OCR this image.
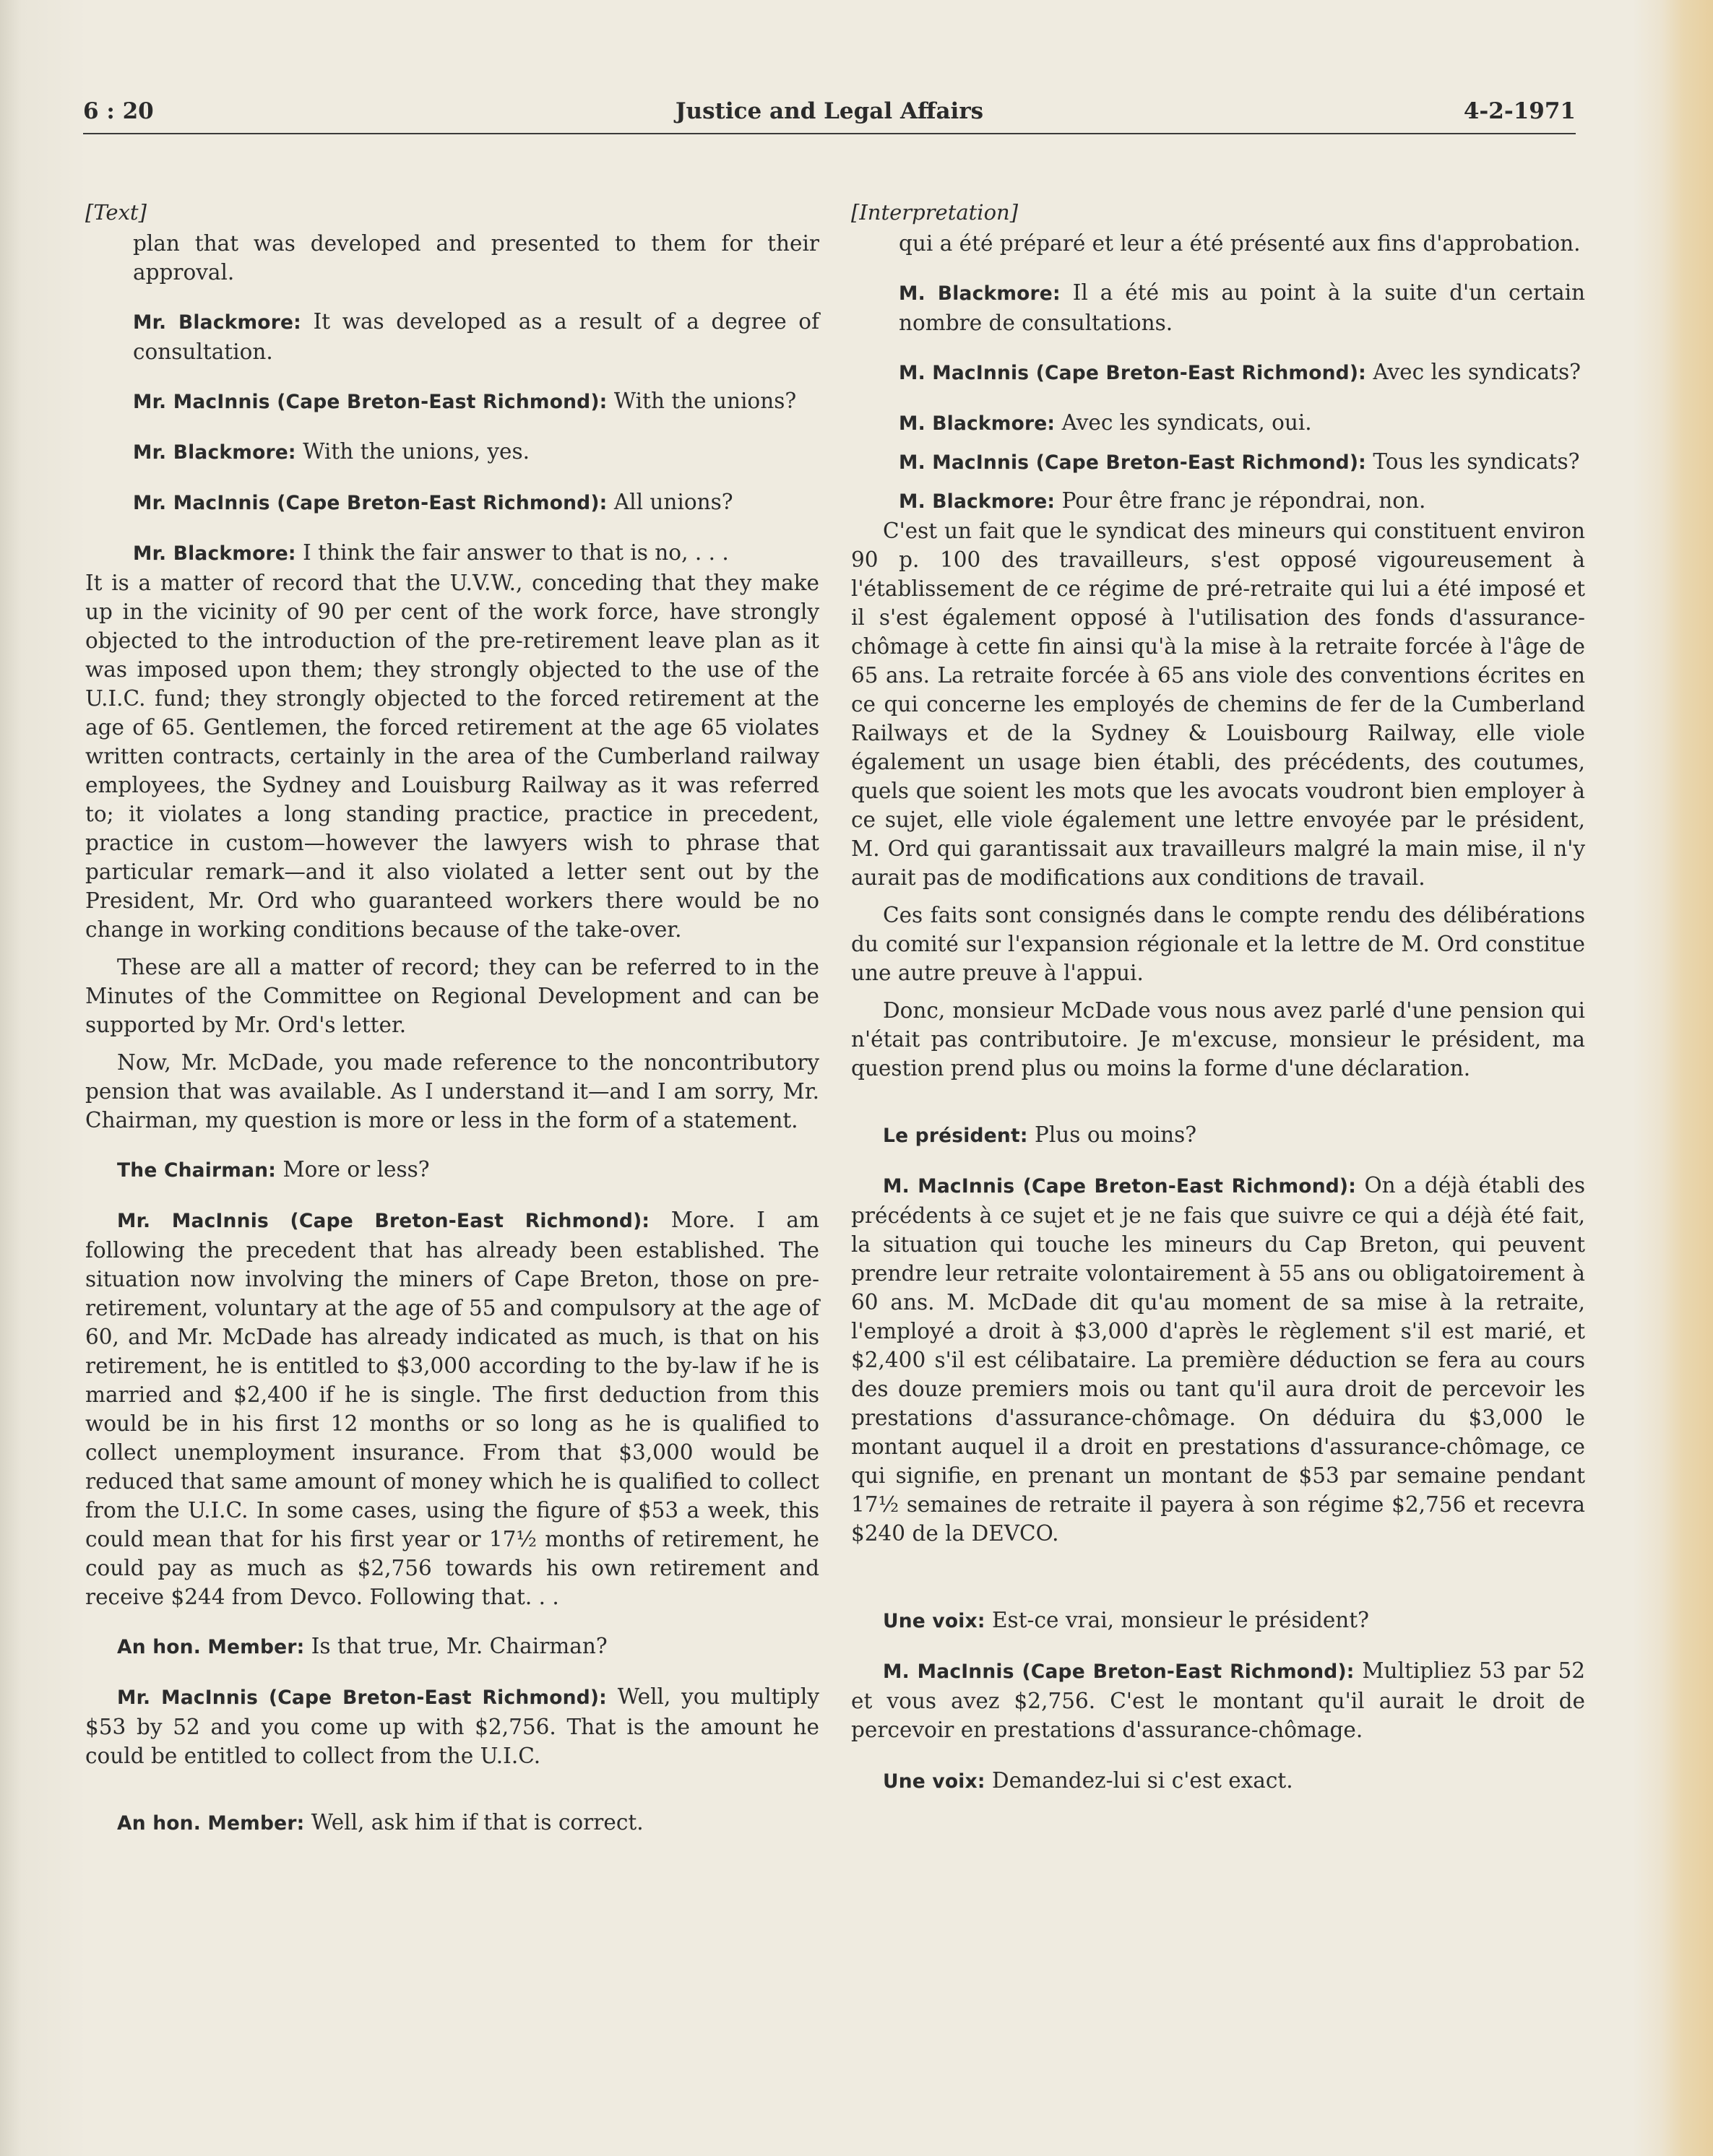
6 : 20	Justice and Legal Affairs	4-2-1971
[Text]

plan that was developed and presented to them for their approval.

Mr. Blackmore: It was developed as a result of a degree of consultation.

Mr. MacInnis (Cape Breton-East Richmond): With the unions?

Mr. Blackmore: With the unions, yes.

Mr. MacInnis (Cape Breton-East Richmond): All unions?

Mr. Blackmore: I think the fair answer to that is no, . . .

It is a matter of record that the U.V.W., conceding that they make up in the vicinity of 90 per cent of the work force, have strongly objected to the introduction of the pre-retirement leave plan as it was imposed upon them; they strongly objected to the use of the U.I.C. fund; they strongly objected to the forced retirement at the age of 65. Gentlemen, the forced retirement at the age 65 violates written contracts, certainly in the area of the Cumberland railway employees, the Sydney and Louisburg Railway as it was referred to; it violates a long standing practice, practice in precedent, practice in custom—however the lawyers wish to phrase that particular remark—and it also violated a letter sent out by the President, Mr. Ord who guaranteed workers there would be no change in working conditions because of the take-over.

These are all a matter of record; they can be referred to in the Minutes of the Committee on Regional Development and can be supported by Mr. Ord's letter.

Now, Mr. McDade, you made reference to the noncontributory pension that was available. As I understand it—and I am sorry, Mr. Chairman, my question is more or less in the form of a statement.

The Chairman: More or less?

Mr. MacInnis (Cape Breton-East Richmond): More. I am following the precedent that has already been established. The situation now involving the miners of Cape Breton, those on pre-retirement, voluntary at the age of 55 and compulsory at the age of 60, and Mr. McDade has already indicated as much, is that on his retirement, he is entitled to $3,000 according to the by-law if he is married and $2,400 if he is single. The first deduction from this would be in his first 12 months or so long as he is qualified to collect unemployment insurance. From that $3,000 would be reduced that same amount of money which he is qualified to collect from the U.I.C. In some cases, using the figure of $53 a week, this could mean that for his first year or 17½ months of retirement, he could pay as much as $2,756 towards his own retirement and receive $244 from Devco. Following that. . .

An hon. Member: Is that true, Mr. Chairman?

Mr. MacInnis (Cape Breton-East Richmond): Well, you multiply $53 by 52 and you come up with $2,756. That is the amount he could be entitled to collect from the U.I.C.

An hon. Member: Well, ask him if that is correct.

[Interpretation]

qui a été préparé et leur a été présenté aux fins d'approbation.

M. Blackmore: Il a été mis au point à la suite d'un certain nombre de consultations.

M. MacInnis (Cape Breton-East Richmond): Avec les syndicats?

M. Blackmore: Avec les syndicats, oui.

M. MacInnis (Cape Breton-East Richmond): Tous les syndicats?

M. Blackmore: Pour être franc je répondrai, non.

C'est un fait que le syndicat des mineurs qui constituent environ 90 p. 100 des travailleurs, s'est opposé vigoureusement à l'établissement de ce régime de pré-retraite qui lui a été imposé et il s'est également opposé à l'utilisation des fonds d'assurance-chômage à cette fin ainsi qu'à la mise à la retraite forcée à l'âge de 65 ans. La retraite forcée à 65 ans viole des conventions écrites en ce qui concerne les employés de chemins de fer de la Cumberland Railways et de la Sydney & Louisbourg Railway, elle viole également un usage bien établi, des précédents, des coutumes, quels que soient les mots que les avocats voudront bien employer à ce sujet, elle viole également une lettre envoyée par le président, M. Ord qui garantissait aux travailleurs malgré la main mise, il n'y aurait pas de modifications aux conditions de travail.

Ces faits sont consignés dans le compte rendu des délibérations du comité sur l'expansion régionale et la lettre de M. Ord constitue une autre preuve à l'appui.

Donc, monsieur McDade vous nous avez parlé d'une pension qui n'était pas contributoire. Je m'excuse, monsieur le président, ma question prend plus ou moins la forme d'une déclaration.

Le président: Plus ou moins?

M. MacInnis (Cape Breton-East Richmond): On a déjà établi des précédents à ce sujet et je ne fais que suivre ce qui a déjà été fait, la situation qui touche les mineurs du Cap Breton, qui peuvent prendre leur retraite volontairement à 55 ans ou obligatoirement à 60 ans. M. McDade dit qu'au moment de sa mise à la retraite, l'employé a droit à $3,000 d'après le règlement s'il est marié, et $2,400 s'il est célibataire. La première déduction se fera au cours des douze premiers mois ou tant qu'il aura droit de percevoir les prestations d'assurance-chômage. On déduira du $3,000 le montant auquel il a droit en prestations d'assurance-chômage, ce qui signifie, en prenant un montant de $53 par semaine pendant 17½ semaines de retraite il payera à son régime $2,756 et recevra $240 de la DEVCO.

Une voix: Est-ce vrai, monsieur le président?

M. MacInnis (Cape Breton-East Richmond): Multipliez 53 par 52 et vous avez $2,756. C'est le montant qu'il aurait le droit de percevoir en prestations d'assurance-chômage.

Une voix: Demandez-lui si c'est exact.
